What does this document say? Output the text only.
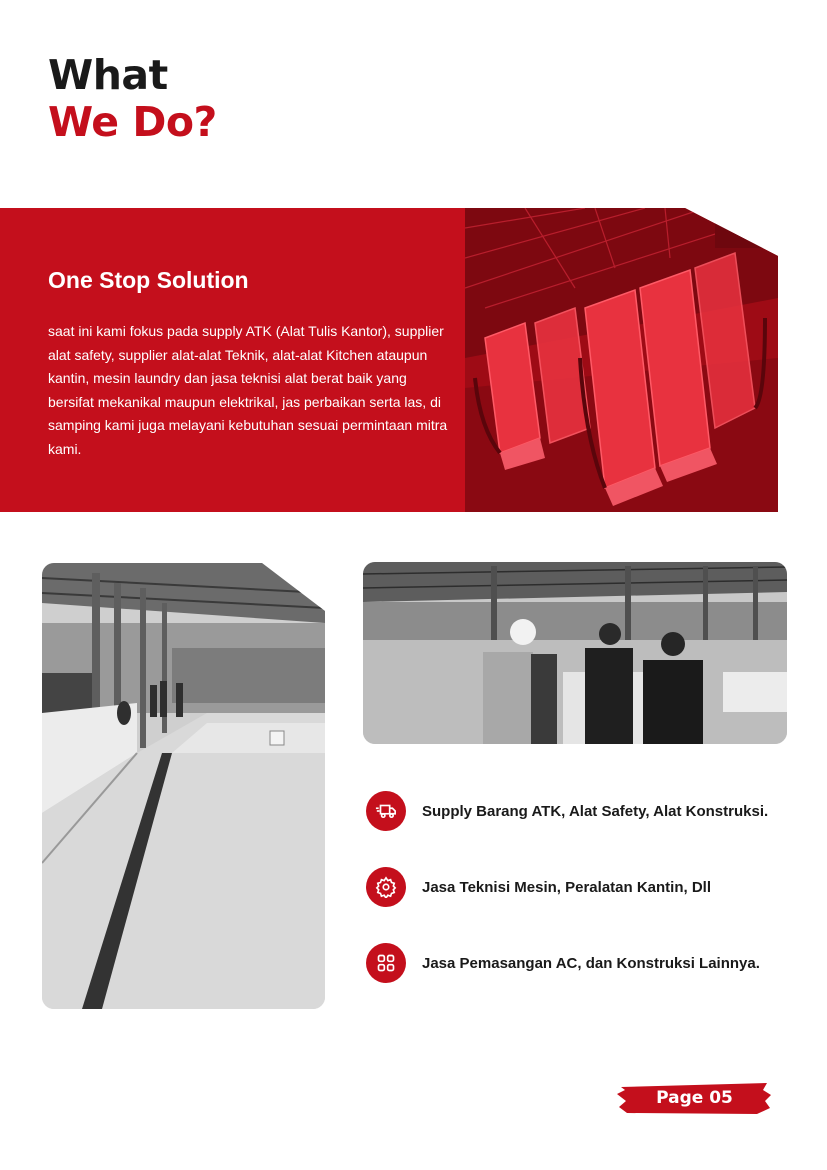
What
We Do?
One Stop Solution

saat ini kami fokus pada supply ATK (Alat Tulis Kantor), supplier alat safety, supplier alat-alat Teknik, alat-alat Kitchen ataupun kantin, mesin laundry dan jasa teknisi alat berat baik yang bersifat mekanikal maupun elektrikal, jas perbaikan serta las, di samping kami juga melayani kebutuhan sesuai permintaan mitra kami.

Supply Barang ATK, Alat Safety, Alat Konstruksi.
Jasa Teknisi Mesin, Peralatan Kantin, Dll
Jasa Pemasangan AC, dan Konstruksi Lainnya.
Page 05
